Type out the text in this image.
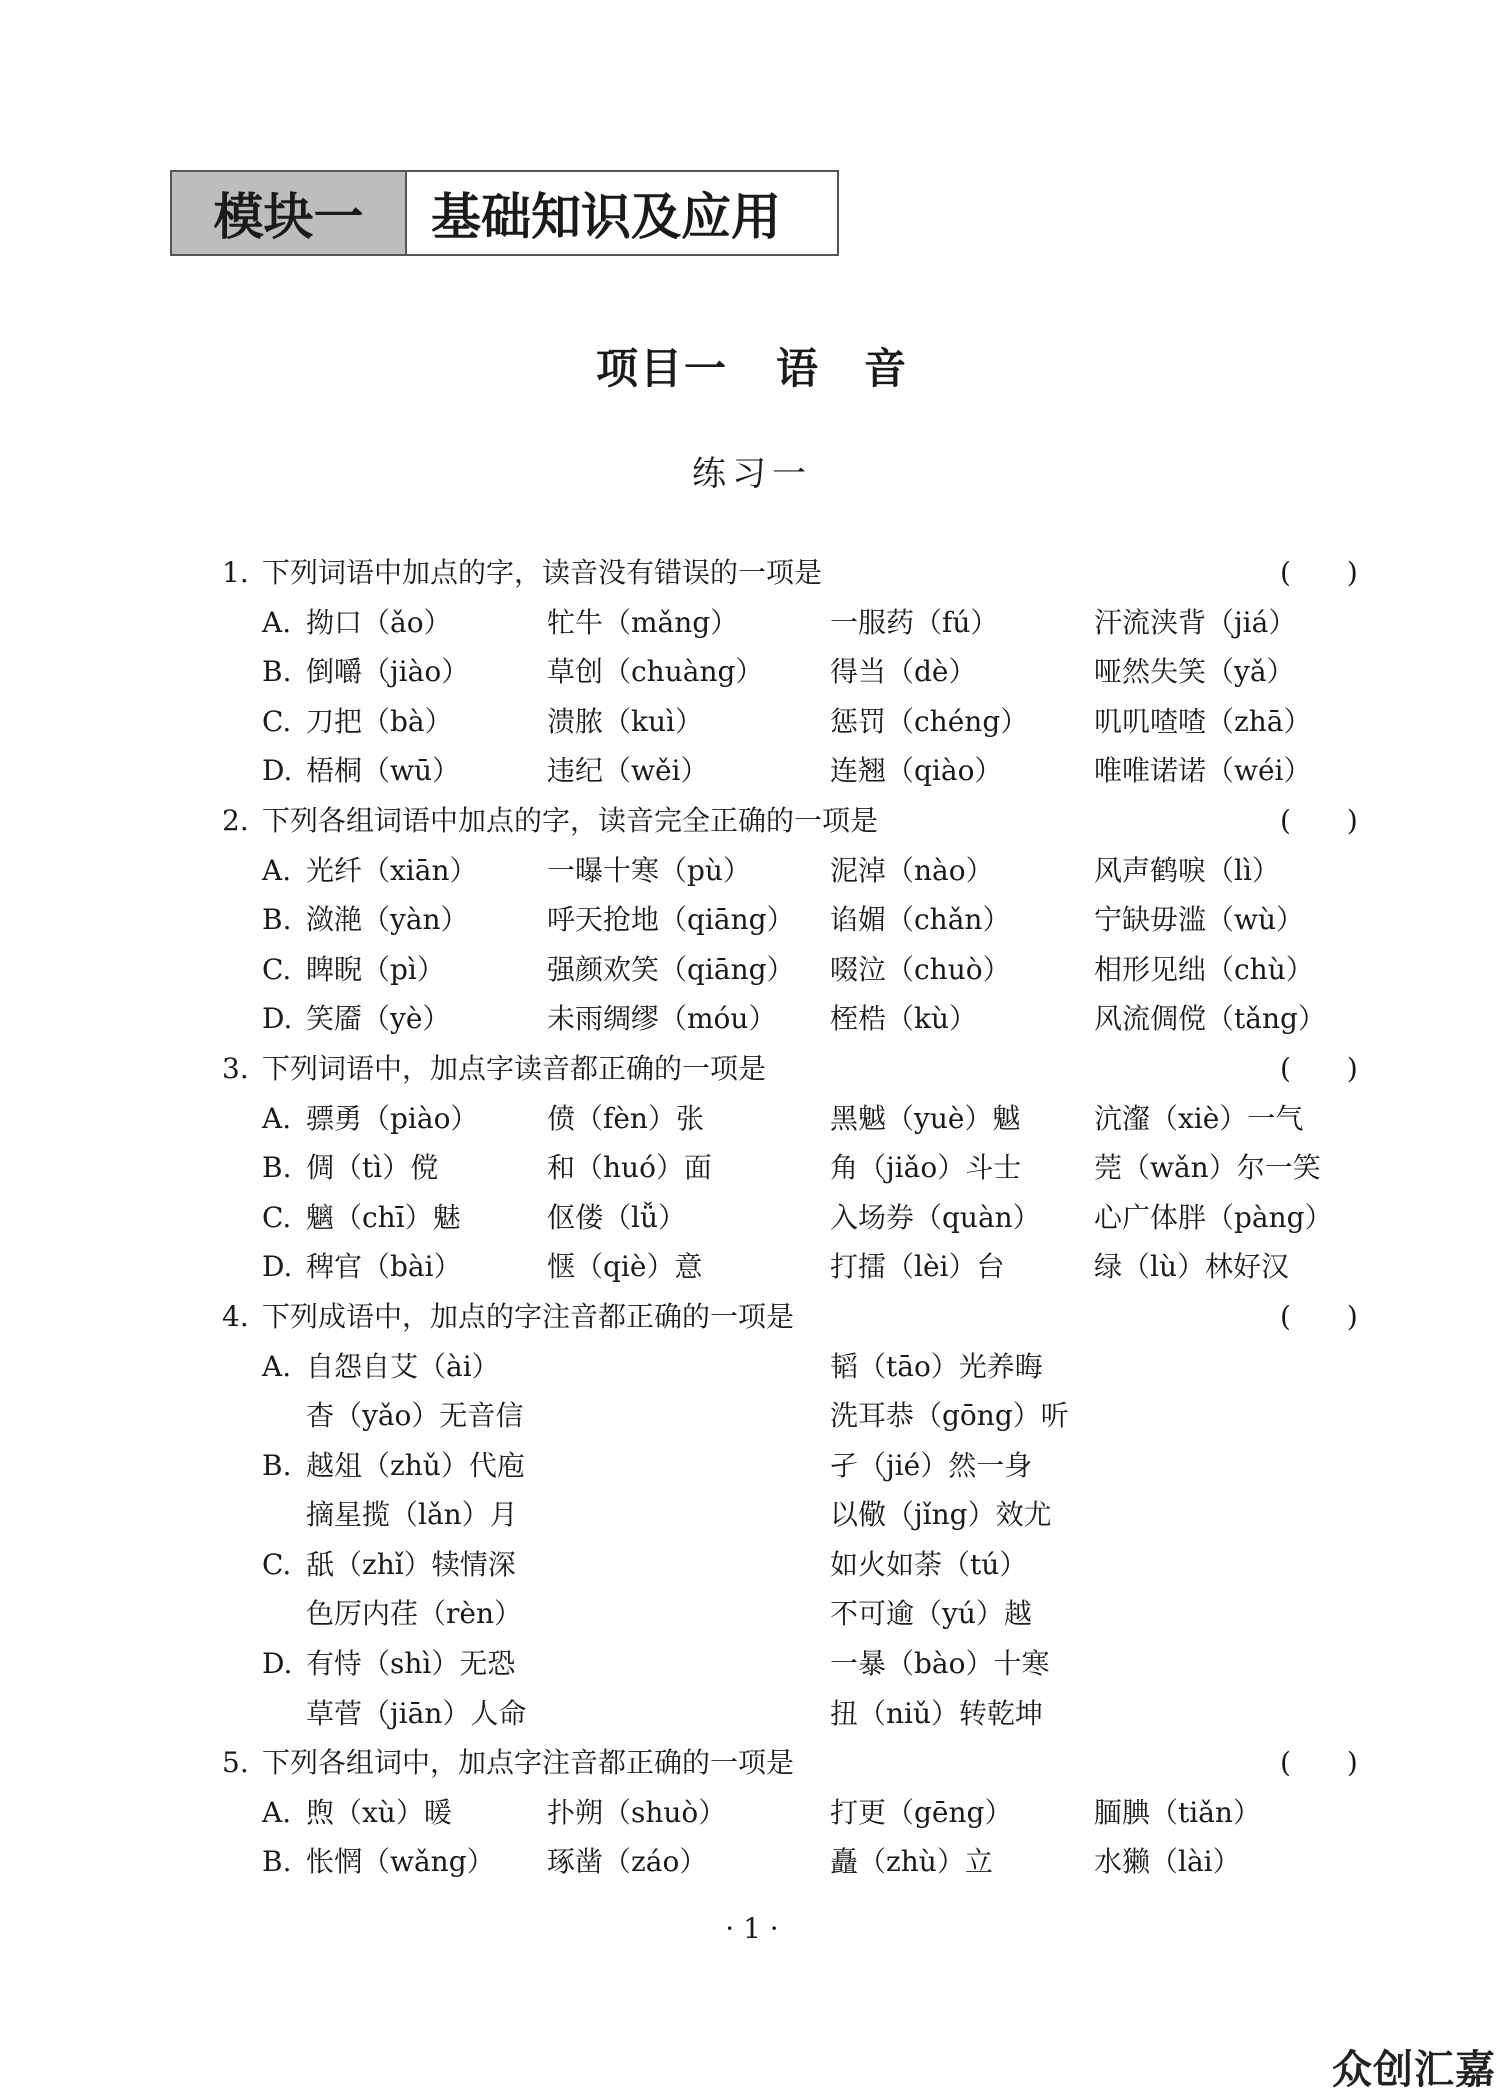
模块一	基础知识及应用
项目一 语　音
练习一
1. 下列词语中加点的字，读音没有错误的一项是	(　　)
A. 拗口（ǎo）	牤牛（mǎng）	一服药（fú）	汗流浃背（jiá）
B. 倒嚼（jiào）	草创（chuàng） 得当（dè）	哑然失笑（yǎ）
C. 刀把（bà）	溃脓（kuì）	惩罚（chéng） 叽叽喳喳（zhā）
D. 梧桐（wū）	违纪（wěi）	连翘（qiào）	唯唯诺诺（wéi）
2. 下列各组词语中加点的字，读音完全正确的一项是	(　　)
A. 光纤（xiān） 一曝十寒（pù）	泥淖（nào）	风声鹤唳（lì）
B. 潋滟（yàn）	呼天抢地（qiāng） 谄媚（chǎn）	宁缺毋滥（wù）
C. 睥睨（pì）	强颜欢笑（qiāng） 啜泣（chuò）	相形见绌（chù）
D. 笑靥（yè）	未雨绸缪（móu） 桎梏（kù）	风流倜傥（tǎng）
3. 下列词语中，加点字读音都正确的一项是	(　　)
A. 骠勇（piào） 偾（fèn）张	黑魆（yuè）魆	沆瀣（xiè）一气
B. 倜（tì）傥	和（huó）面	角（jiǎo）斗士	莞（wǎn）尔一笑
C. 魑（chī）魅	伛偻（lǚ）	入场券（quàn） 心广体胖（pàng）
D. 稗官（bài）	惬（qiè）意	打擂（lèi）台	绿（lù）林好汉
4. 下列成语中，加点的字注音都正确的一项是	(　　)
A. 自怨自艾（ài）	韬（tāo）光养晦
杳（yǎo）无音信	洗耳恭（gōng）听
B. 越俎（zhǔ）代庖	孑（jié）然一身
摘星揽（lǎn）月	以儆（jǐng）效尤
C. 舐（zhǐ）犊情深	如火如荼（tú）
色厉内荏（rèn）	不可逾（yú）越
D. 有恃（shì）无恐	一暴（bào）十寒
草菅（jiān）人命	扭（niǔ）转乾坤
5. 下列各组词中，加点字注音都正确的一项是	(　　)
A. 煦（xù）暖	扑朔（shuò）	打更（gēng）	腼腆（tiǎn）
B. 怅惘（wǎng） 琢凿（záo）	矗（zhù）立	水獭（lài）
· 1 ·
众创汇嘉
